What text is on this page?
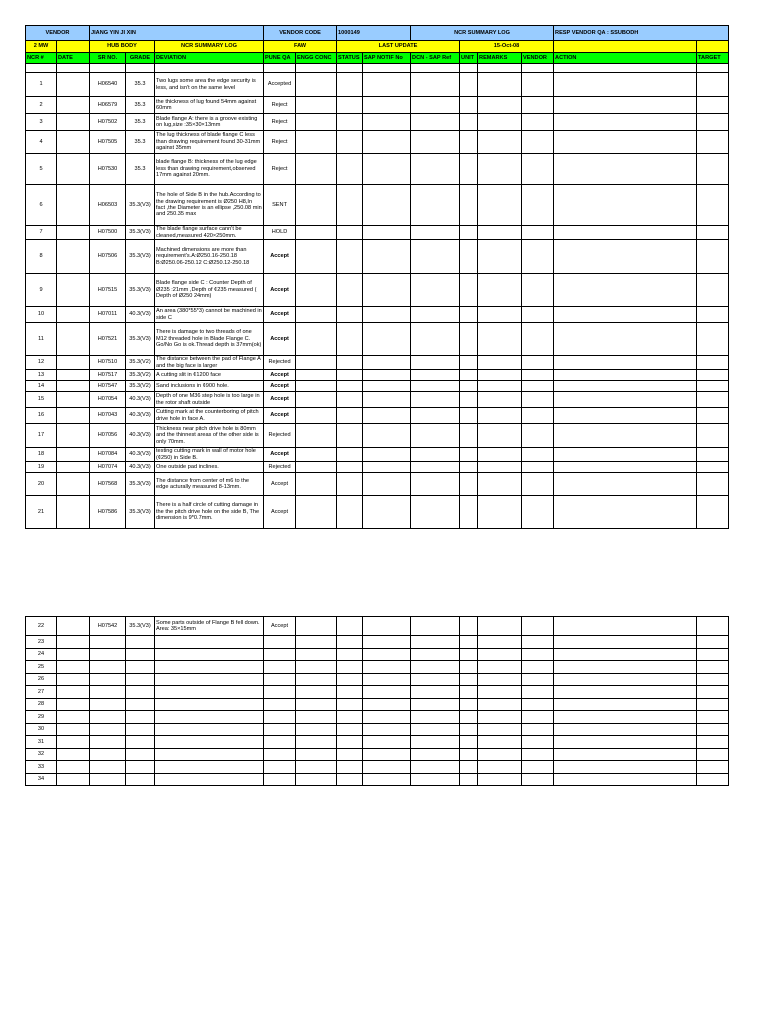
VENDOR		JIANG YIN JI XIN			VENDOR CODE		1000149		NCR SUMMARY LOG				RESP VENDOR QA : SSUBODH	
2 MW		HUB BODY		NCR SUMMARY LOG	FAW		LAST UPDATE			15-Oct-08				
NCR #	DATE	SR NO.	GRADE	DEVIATION	PUNE QA	ENGG CONC	STATUS	SAP NOTIF No	DCN - SAP Ref	UNIT	REMARKS	VENDOR	ACTION	TARGET

1		H06540	35.3	Two lugs some area the edge security is less, and isn't on the same level	Accepted									
2		H06579	35.3	the thickness of lug found 54mm against 60mm	Reject									
3		H07502	35.3	Blade flange A: there is a groove existing on lug,size :35×30×13mm	Reject									
4		H07505	35.3	The lug thickness of blade flange C less than drawing requirement found 30-31mm against 35mm	Reject									
5		H07530	35.3	blade flange B: thickness of the lug edge less than drawing requirement,observed 17mm against 20mm.	Reject									
6		H06503	35.3(V3)	The hole of Side B in the hub.According to the drawing requirement is Ø250 H8,In fact ,the Diameter is an ellipse ,250.08 min and 250.35 max	SENT									
7		H07500	35.3(V3)	The blade flange surface cann't be cleaned,measured 420×250mm.	HOLD									
8		H07506	35.3(V3)	Machined dimensions are more than requirement's.A:Ø250.16-250.18 B:Ø250.06-250.12 C:Ø250.12-250.18	Accept									
9		H07515	35.3(V3)	Blade flange side C : Counter Depth of Ø235 :21mm ,Depth of ¢235 measured ( Depth of Ø250 24mm)	Accept									
10		H07011	40.3(V3)	An area (380*55*3) cannot be machined in side C	Accept									
11		H07521	35.3(V3)	There is damage to two threads of one M12 threaded hole in Blade Flange C. Go/No Go is ok.Thread depth is 37mm(ok)	Accept									
12		H07510	35.3(V2)	The distance between the pad of Flange A and the big face is larger	Rejected									
13		H07517	35.3(V2)	A cutting slit in ¢1200 face	Accept									
14		H07547	35.3(V2)	Sand inclusions in ¢900 hole.	Accept									
15		H07054	40.3(V3)	Depth of one M36 step hole is too large in the rotor shaft outside	Accept									
16		H07043	40.3(V3)	Cutting mark at the counterboring of pitch drive hole in face A.	Accept									
17		H07056	40.3(V3)	Thickness near pitch drive hole is 80mm and the thinnest areas of the other side is only 70mm.	Rejected									
18		H07084	40.3(V3)	testing cutting mark in wall of motor hole (¢250) in Side B.	Accept									
19		H07074	40.3(V3)	One outside pad inclines.	Rejected									
20		H07568	35.3(V3)	The distance from center of m6 to the edge acturally measured 8-13mm.	Accept									
21		H07586	35.3(V3)	There is a half circle of cutting damage in the the pitch drive hole on the side B, The dimension is 9*0.7mm.	Accept									
22		H07542	35.3(V3)	Some parts outside of Flange B fell down. Area: 35×15mm	Accept									
23														
24														
25														
26														
27														
28														
29														
30														
31														
32														
33														
34														
